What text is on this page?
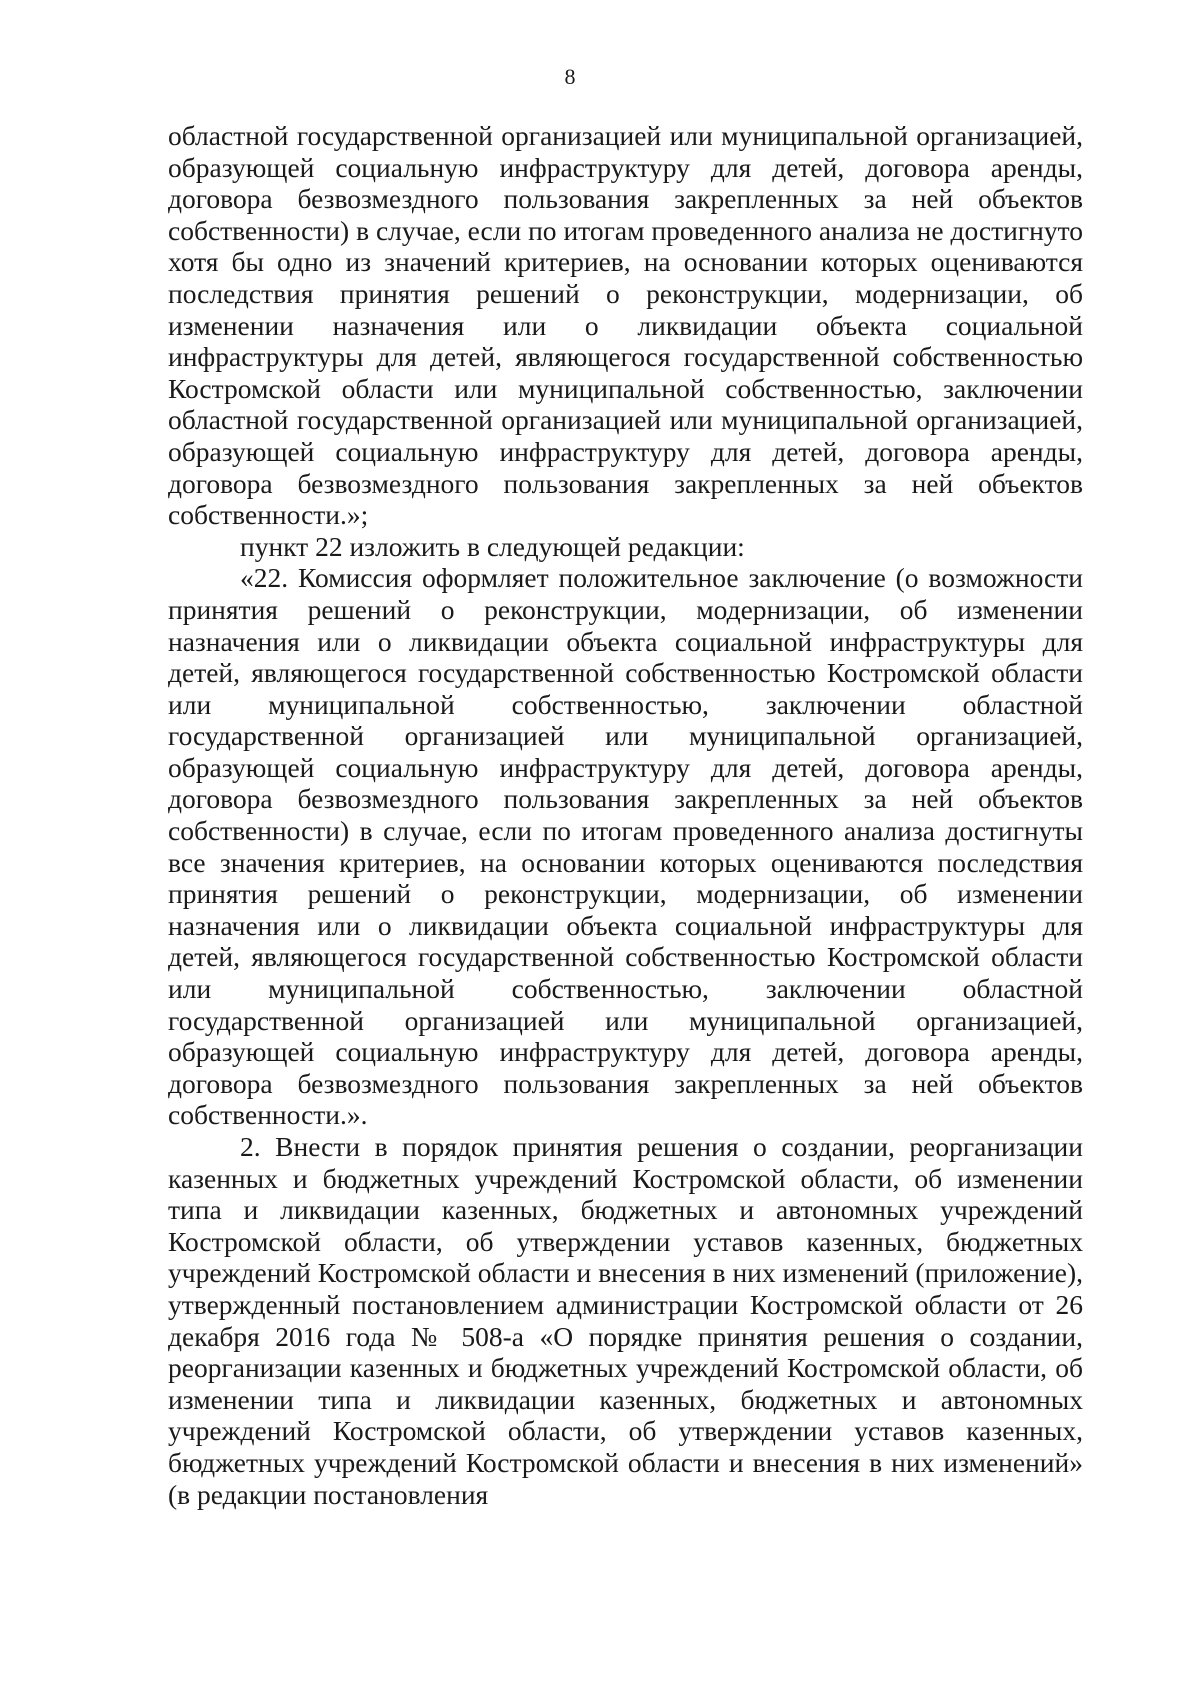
8

областной государственной организацией или муниципальной организацией, образующей социальную инфраструктуру для детей, договора аренды, договора безвозмездного пользования закрепленных за ней объектов собственности) в случае, если по итогам проведенного анализа не достигнуто хотя бы одно из значений критериев, на основании которых оцениваются последствия принятия решений о реконструкции, модернизации, об изменении назначения или о ликвидации объекта социальной инфраструктуры для детей, являющегося государственной собственностью Костромской области или муниципальной собственностью, заключении областной государственной организацией или муниципальной организацией, образующей социальную инфраструктуру для детей, договора аренды, договора безвозмездного пользования закрепленных за ней объектов собственности.»;

пункт 22 изложить в следующей редакции:

«22. Комиссия оформляет положительное заключение (о возможности принятия решений о реконструкции, модернизации, об изменении назначения или о ликвидации объекта социальной инфраструктуры для детей, являющегося государственной собственностью Костромской области или муниципальной собственностью, заключении областной государственной организацией или муниципальной организацией, образующей социальную инфраструктуру для детей, договора аренды, договора безвозмездного пользования закрепленных за ней объектов собственности) в случае, если по итогам проведенного анализа достигнуты все значения критериев, на основании которых оцениваются последствия принятия решений о реконструкции, модернизации, об изменении назначения или о ликвидации объекта социальной инфраструктуры для детей, являющегося государственной собственностью Костромской области или муниципальной собственностью, заключении областной государственной организацией или муниципальной организацией, образующей социальную инфраструктуру для детей, договора аренды, договора безвозмездного пользования закрепленных за ней объектов собственности.».

2. Внести в порядок принятия решения о создании, реорганизации казенных и бюджетных учреждений Костромской области, об изменении типа и ликвидации казенных, бюджетных и автономных учреждений Костромской области, об утверждении уставов казенных, бюджетных учреждений Костромской области и внесения в них изменений (приложение), утвержденный постановлением администрации Костромской области от 26 декабря 2016 года № 508-а «О порядке принятия решения о создании, реорганизации казенных и бюджетных учреждений Костромской области, об изменении типа и ликвидации казенных, бюджетных и автономных учреждений Костромской области, об утверждении уставов казенных, бюджетных учреждений Костромской области и внесения в них изменений» (в редакции постановления
